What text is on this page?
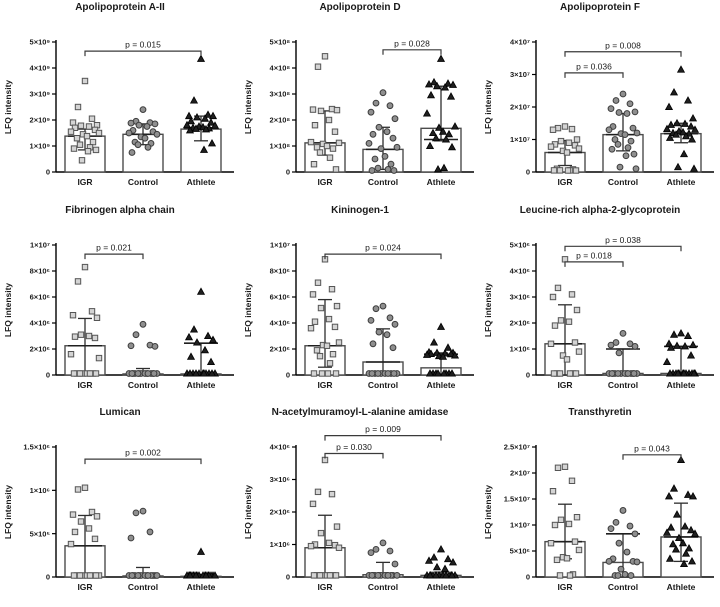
Apolipoprotein A-II
0
1×10⁹
2×10⁹
3×10⁹
4×10⁹
5×10⁹
LFQ intensity
IGR	Control	Athlete
p = 0.015
Apolipoprotein D
0
1×10⁸
2×10⁸
3×10⁸
4×10⁸
5×10⁸
LFQ intensity
IGR	Control	Athlete
p = 0.028
Apolipoprotein F
0
1×10⁷
2×10⁷
3×10⁷
4×10⁷
LFQ intensity
IGR	Control	Athlete
p = 0.036
p = 0.008
Fibrinogen alpha chain
0
2×10⁶
4×10⁶
6×10⁶
8×10⁶
1×10⁷
LFQ intensity
IGR	Control	Athlete
p = 0.021
Kininogen-1
0
2×10⁶
4×10⁶
6×10⁶
8×10⁶
1×10⁷
LFQ intensity
IGR	Control	Athlete
p = 0.024
Leucine-rich alpha-2-glycoprotein
0
1×10⁶
2×10⁶
3×10⁶
4×10⁶
5×10⁶
LFQ intensity
IGR	Control	Athlete
p = 0.018
p = 0.038
Lumican
0
5×10⁵
1×10⁶
1.5×10⁶
LFQ intensity
IGR	Control	Athlete
p = 0.002
N-acetylmuramoyl-L-alanine amidase
0
1×10⁶
2×10⁶
3×10⁶
4×10⁶
LFQ intensity
IGR	Control	Athlete
p = 0.030
p = 0.009
Transthyretin
0
5×10⁶
1×10⁷
1.5×10⁷
2×10⁷
2.5×10⁷
LFQ intensity
IGR	Control	Athlete
p = 0.043
